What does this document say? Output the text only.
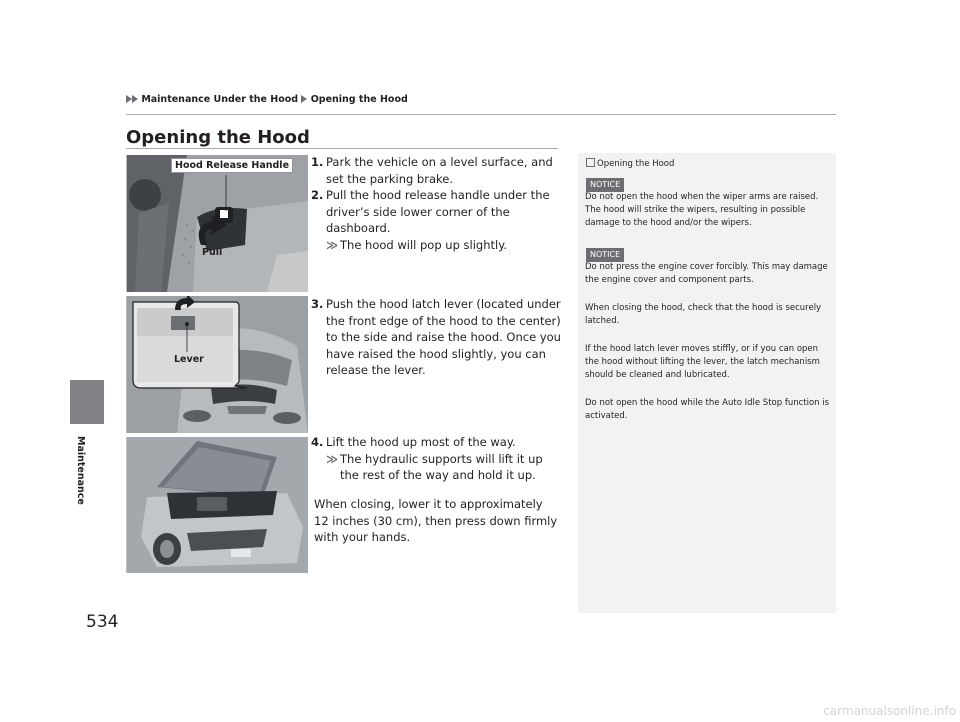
Maintenance Under the Hood Opening the Hood
Maintenance
534
Opening the Hood
Hood Release Handle
Pull
Lever
1. Park the vehicle on a level surface, and set the parking brake.
2. Pull the hood release handle under the driver’s side lower corner of the dashboard.
≫ The hood will pop up slightly.
3. Push the hood latch lever (located under the front edge of the hood to the center) to the side and raise the hood. Once you have raised the hood slightly, you can release the lever.
4. Lift the hood up most of the way.
≫ The hydraulic supports will lift it up the rest of the way and hold it up.
When closing, lower it to approximately 12 inches (30 cm), then press down firmly with your hands.
Opening the Hood
NOTICE
Do not open the hood when the wiper arms are raised. The hood will strike the wipers, resulting in possible damage to the hood and/or the wipers.
NOTICE
Do not press the engine cover forcibly. This may damage the engine cover and component parts.
When closing the hood, check that the hood is securely latched.
If the hood latch lever moves stiffly, or if you can open the hood without lifting the lever, the latch mechanism should be cleaned and lubricated.
Do not open the hood while the Auto Idle Stop function is activated.
carmanualsonline.info
